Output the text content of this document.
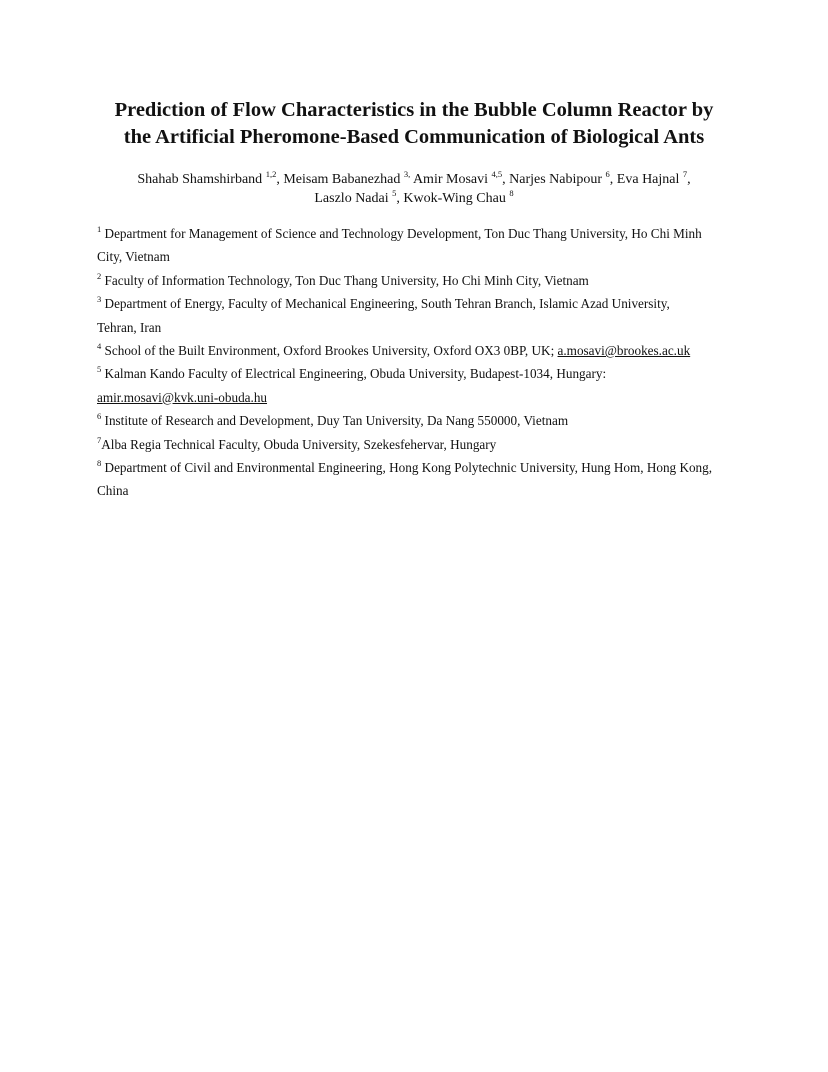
Prediction of Flow Characteristics in the Bubble Column Reactor by
the Artificial Pheromone-Based Communication of Biological Ants
Shahab Shamshirband $^{1,2}$, Meisam Babanezhad $^{3,}$ Amir Mosavi $^{4,5}$, Narjes Nabipour $^6$, Eva Hajnal $^7$,
Laszlo Nadai $^5$, Kwok-Wing Chau $^8$

$^1$ Department for Management of Science and Technology Development, Ton Duc Thang University, Ho Chi Minh
City, Vietnam

$^2$ Faculty of Information Technology, Ton Duc Thang University, Ho Chi Minh City, Vietnam

$^3$ Department of Energy, Faculty of Mechanical Engineering, South Tehran Branch, Islamic Azad University,
Tehran, Iran

$^4$ School of the Built Environment, Oxford Brookes University, Oxford OX3 0BP, UK; a.mosavi@brookes.ac.uk

$^5$ Kalman Kando Faculty of Electrical Engineering, Obuda University, Budapest-1034, Hungary:
amir.mosavi@kvk.uni-obuda.hu

$^6$ Institute of Research and Development, Duy Tan University, Da Nang 550000, Vietnam

$^7$Alba Regia Technical Faculty, Obuda University, Szekesfehervar, Hungary

$^8$ Department of Civil and Environmental Engineering, Hong Kong Polytechnic University, Hung Hom, Hong Kong,
China
